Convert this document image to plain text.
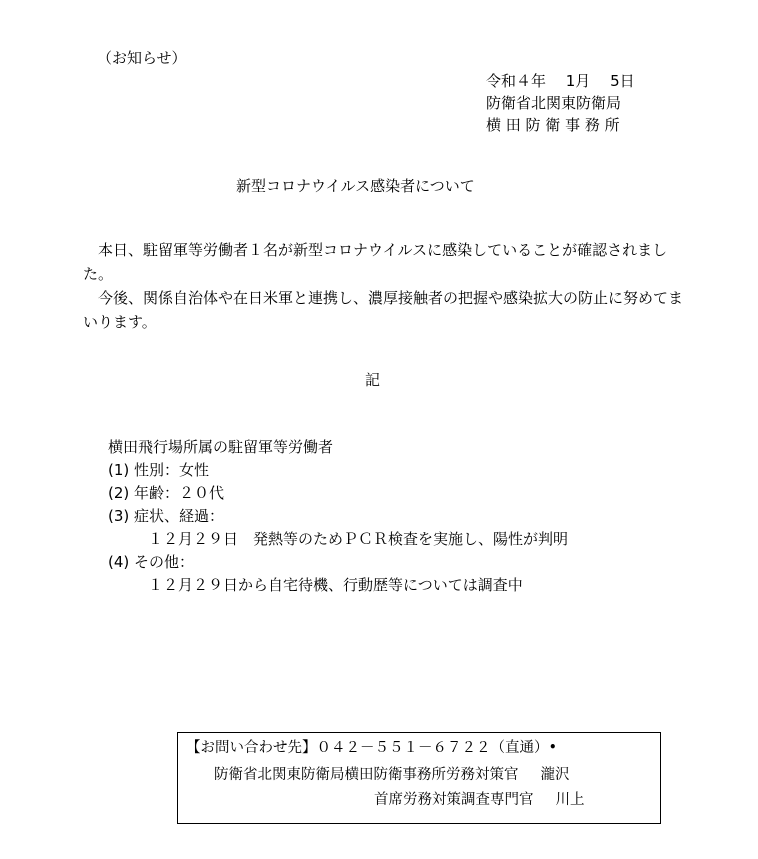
（お知らせ）
令和４年　 1月　 5日
防衛省北関東防衛局
横 田 防 衛 事 務 所
新型コロナウイルス感染者について

　本日、駐留軍等労働者１名が新型コロナウイルスに感染していることが確認されました。

　今後、関係自治体や在日米軍と連携し、濃厚接触者の把握や感染拡大の防止に努めてまいります。

記
横田飛行場所属の駐留軍等労働者
(1) 性別：女性
(2) 年齢：２０代
(3) 症状、経過：
１２月２９日　発熱等のためＰＣＲ検査を実施し、陽性が判明
(4) その他：
１２月２９日から自宅待機、行動歴等については調査中
【お問い合わせ先】０４２－５５１－６７２２（直通）•
防衛省北関東防衛局横田防衛事務所労務対策官 瀧沢
首席労務対策調査専門官 川上
